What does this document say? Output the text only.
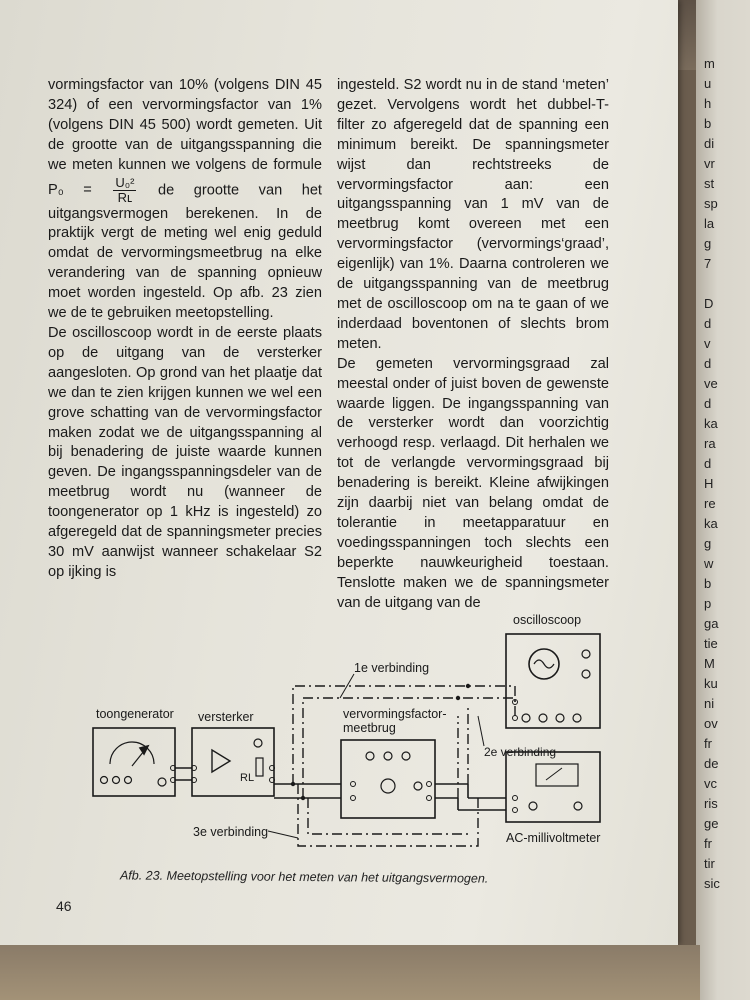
m
u
h
b
di
vr
st
sp
la
g
7
D
d
v
d
ve
d
ka
ra
d
H
re
ka
g
w
b
p
ga
tie
M
ku
ni
ov
fr
de
vc
ris
ge
fr
tir
sic

vormingsfactor van 10% (volgens DIN 45 324) of een vervormingsfactor van 1% (volgens DIN 45 500) wordt gemeten. Uit de grootte van de uitgangsspanning die we meten kunnen we volgens de formule $P_0 = \frac{\text{U₀²}}{\text{Rʟ}}$ de grootte van het uitgangsvermogen berekenen. In de praktijk vergt de meting wel enig geduld omdat de vervormingsmeetbrug na elke verandering van de spanning opnieuw moet worden ingesteld. Op afb. 23 zien we de te gebruiken meetopstelling.

De oscilloscoop wordt in de eerste plaats op de uitgang van de versterker aangesloten. Op grond van het plaatje dat we dan te zien krijgen kunnen we wel een grove schatting van de vervormingsfactor maken zodat we de uitgangsspanning al bij benadering de juiste waarde kunnen geven. De ingangsspanningsdeler van de meetbrug wordt nu (wanneer de toongenerator op 1 kHz is ingesteld) zo afgeregeld dat de spanningsmeter precies 30 mV aanwijst wanneer schakelaar S2 op ijking is

ingesteld. S2 wordt nu in de stand ‘meten’ gezet. Vervolgens wordt het dubbel-T-filter zo afgeregeld dat de spanning een minimum bereikt. De spanningsmeter wijst dan rechtstreeks de vervormingsfactor aan: een uitgangsspanning van 1 mV van de meetbrug komt overeen met een vervormingsfactor (vervormings‘graad’, eigenlijk) van 1%. Daarna controleren we de uitgangsspanning van de meetbrug met de oscilloscoop om na te gaan of we inderdaad boventonen of slechts brom meten.

De gemeten vervormingsgraad zal meestal onder of juist boven de gewenste waarde liggen. De ingangsspanning van de versterker wordt dan voorzichtig verhoogd resp. verlaagd. Dit herhalen we tot de verlangde vervormingsgraad bij benadering is bereikt. Kleine afwijkingen zijn daarbij niet van belang omdat de tolerantie in meetapparatuur en voedingsspanningen toch slechts een beperkte nauwkeurigheid toestaan. Tenslotte maken we de spanningsmeter van de uitgang van de

oscilloscoop
1e verbinding
toongenerator versterker	vervormingsfactor-
meetbrug
2e verbinding
RL
3e verbinding	AC-millivoltmeter
Afb. 23. Meetopstelling voor het meten van het uitgangsvermogen.
46
